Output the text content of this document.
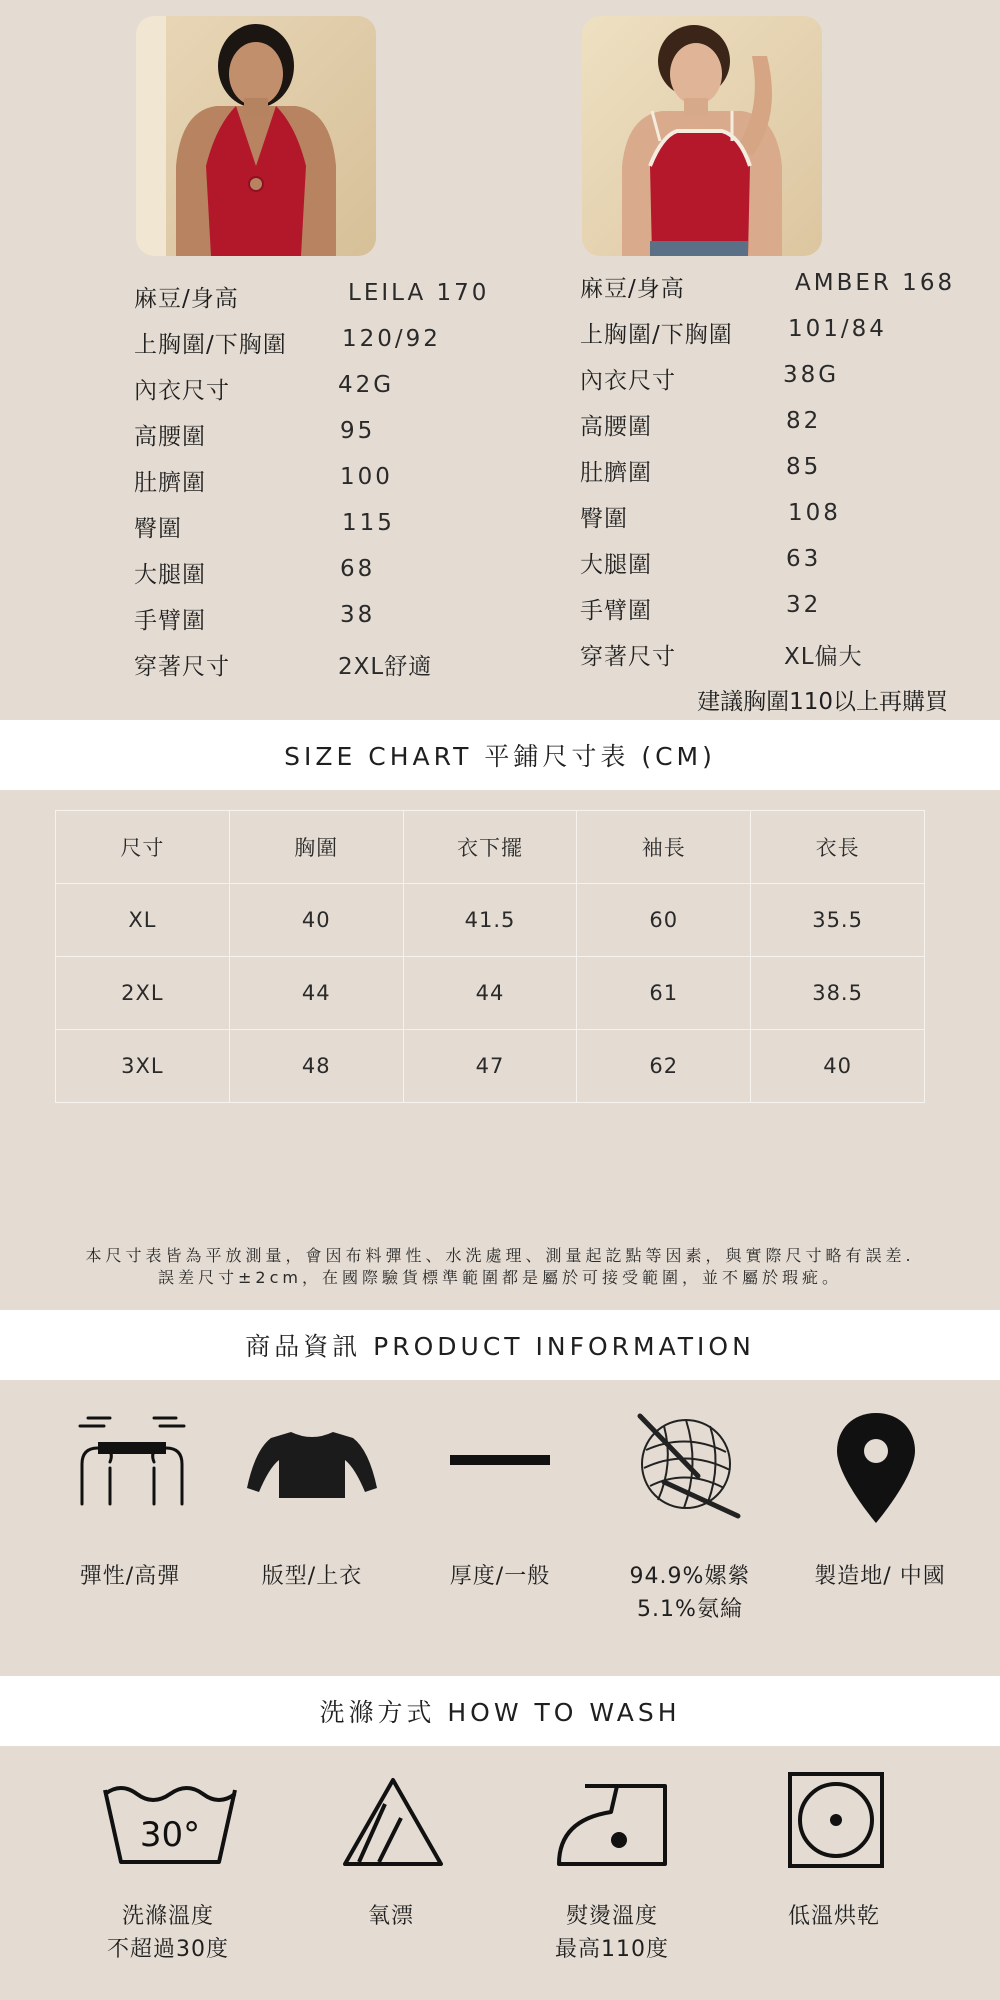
麻豆/身高	LEILA 170
上胸圍/下胸圍 120/92
內衣尺寸	42G
高腰圍	95
肚臍圍	100
臀圍	115
大腿圍	68
手臂圍	38
穿著尺寸	2XL舒適
麻豆/身高	AMBER 168
上胸圍/下胸圍 101/84
內衣尺寸	38G
高腰圍	82
肚臍圍	85
臀圍	108
大腿圍	63
手臂圍	32
穿著尺寸	XL偏大
建議胸圍110以上再購買
SIZE CHART 平鋪尺寸表 (CM)
尺寸	胸圍	衣下擺	袖長	衣長
XL	40	41.5	60	35.5
2XL	44	44	61	38.5
3XL	48	47	62	40
本尺寸表皆為平放測量，會因布料彈性、水洗處理、測量起訖點等因素，與實際尺寸略有誤差.
誤差尺寸±2cm，在國際驗貨標準範圍都是屬於可接受範圍，並不屬於瑕疵。
商品資訊 PRODUCT INFORMATION
彈性/高彈	版型/上衣	厚度/一般	94.9%嫘縈
5.1%氨綸
製造地/ 中國
洗滌方式 HOW TO WASH
30°
洗滌溫度
不超過30度
氧漂	熨燙溫度
最高110度
低溫烘乾
